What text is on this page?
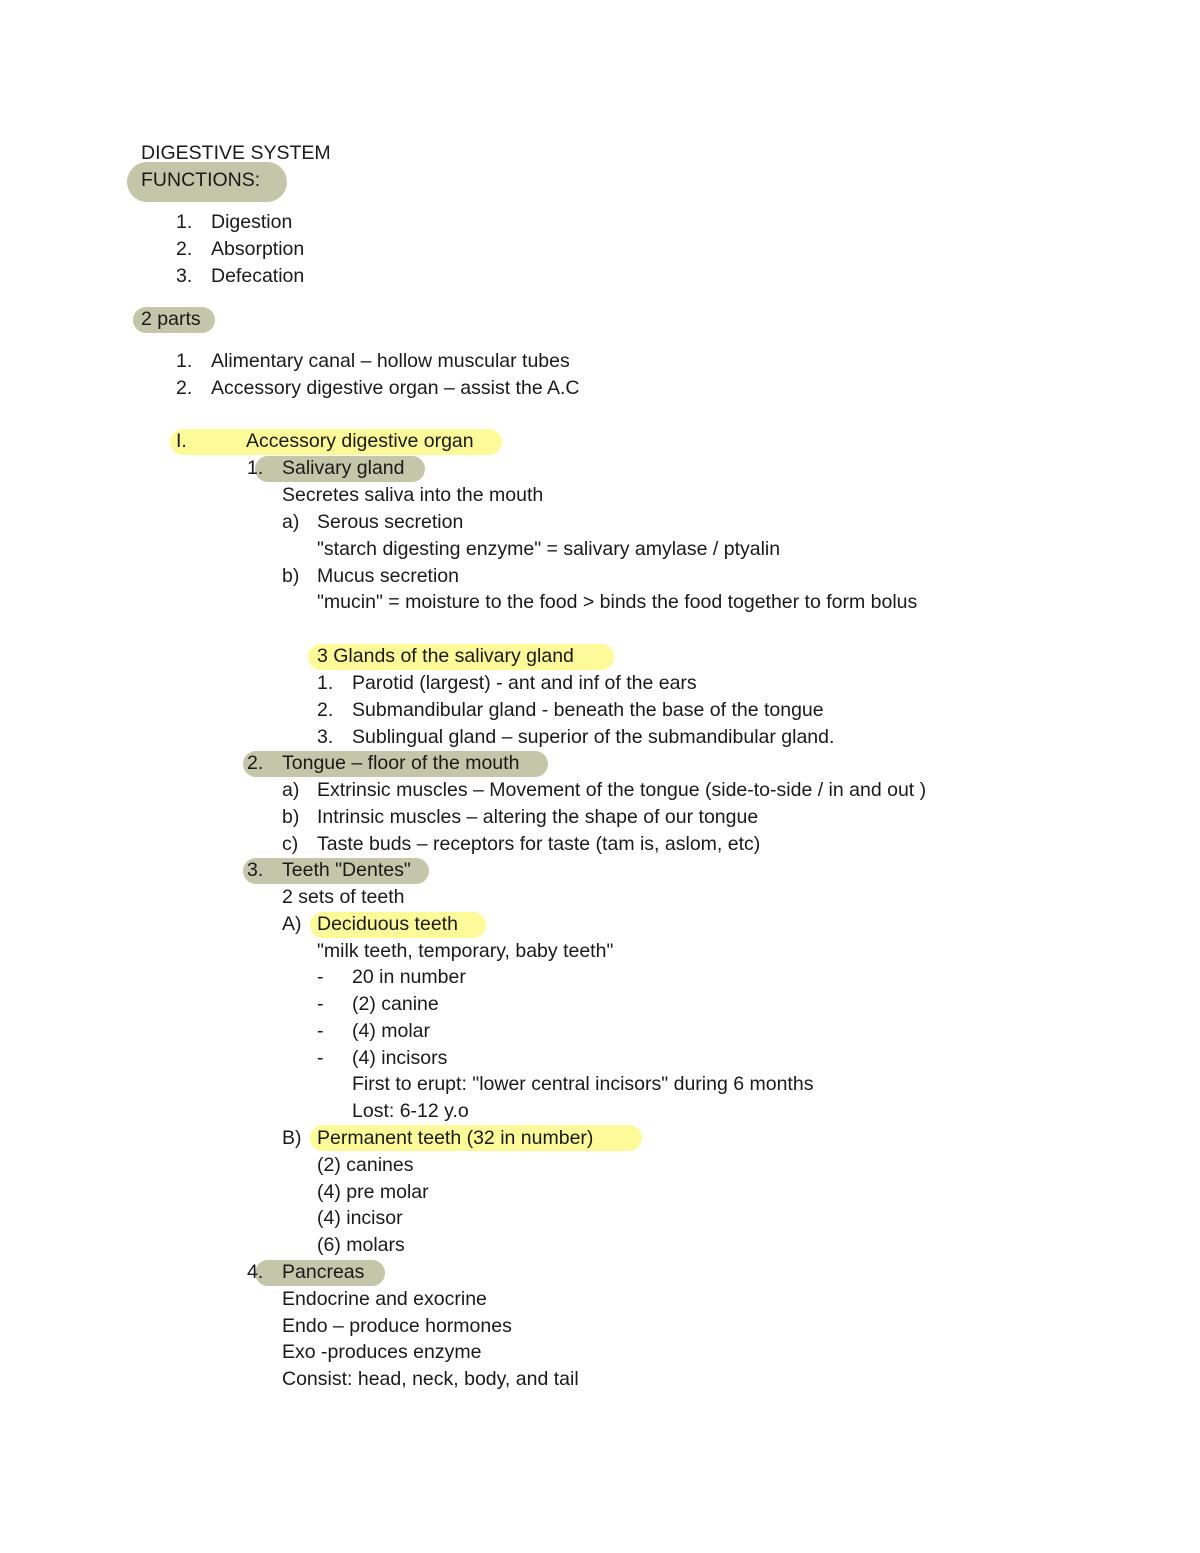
DIGESTIVE SYSTEM
FUNCTIONS:
1. Digestion
2. Absorption
3. Defecation
2 parts
1. Alimentary canal – hollow muscular tubes
2. Accessory digestive organ – assist the A.C
I.	Accessory digestive organ
1. Salivary gland
Secretes saliva into the mouth
a) Serous secretion
"starch digesting enzyme" = salivary amylase / ptyalin
b) Mucus secretion
"mucin" = moisture to the food > binds the food together to form bolus
3 Glands of the salivary gland
1. Parotid (largest) - ant and inf of the ears
2. Submandibular gland - beneath the base of the tongue
3. Sublingual gland – superior of the submandibular gland.
2. Tongue – floor of the mouth
a) Extrinsic muscles – Movement of the tongue (side-to-side / in and out )
b) Intrinsic muscles – altering the shape of our tongue
c) Taste buds – receptors for taste (tam is, aslom, etc)
3. Teeth "Dentes"
2 sets of teeth
A) Deciduous teeth
"milk teeth, temporary, baby teeth"
- 20 in number
- (2) canine
- (4) molar
- (4) incisors
First to erupt: "lower central incisors" during 6 months
Lost: 6-12 y.o
B) Permanent teeth (32 in number)
(2) canines
(4) pre molar
(4) incisor
(6) molars
4. Pancreas
Endocrine and exocrine
Endo – produce hormones
Exo -produces enzyme
Consist: head, neck, body, and tail
